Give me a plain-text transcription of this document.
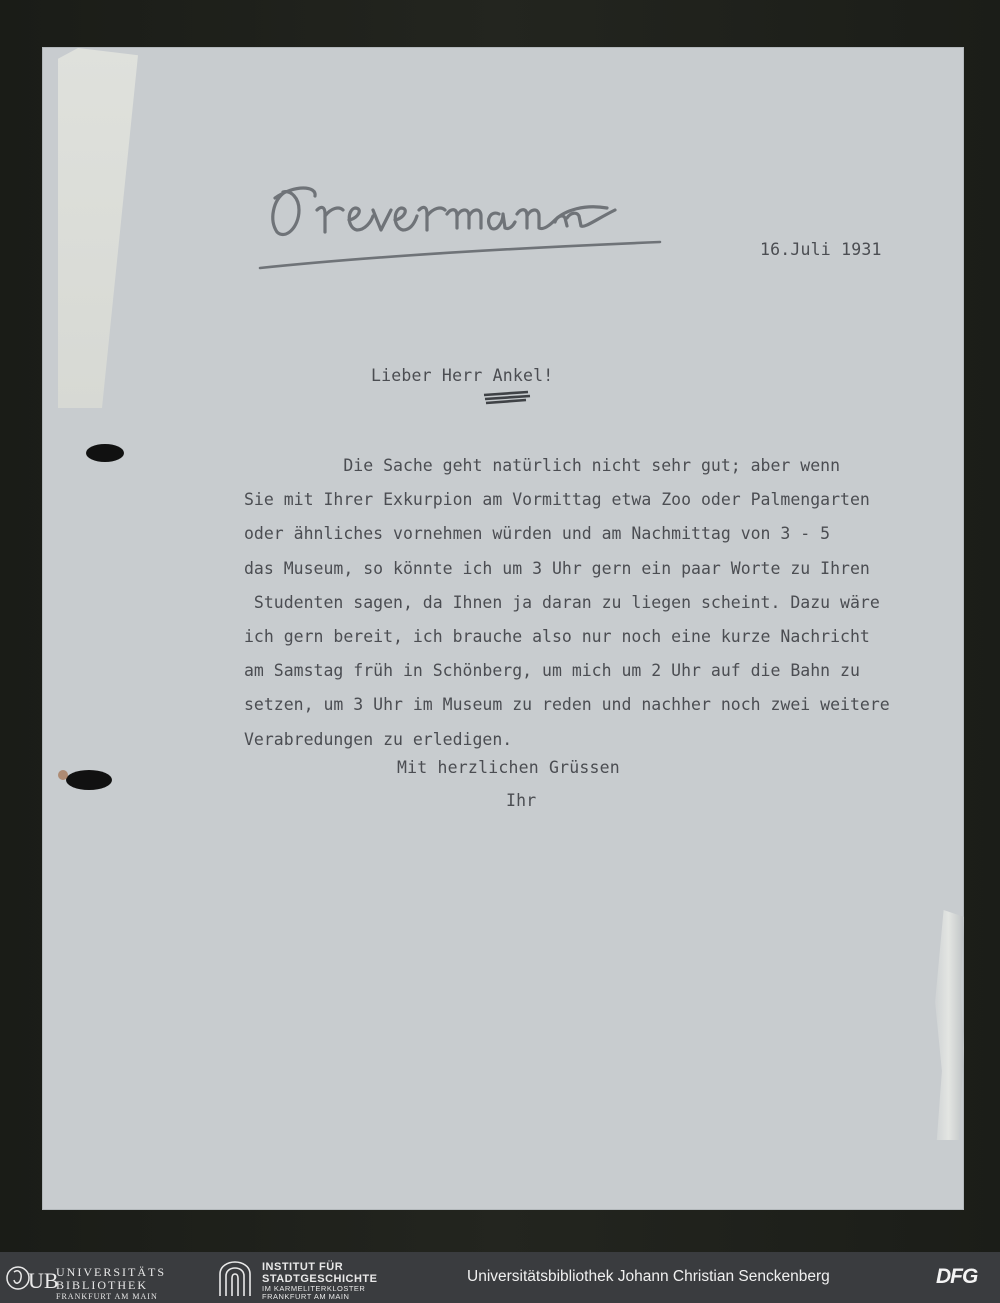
16.Juli 1931
Lieber Herr Ankel!
Die Sache geht natürlich nicht sehr gut; aber wenn
Sie mit Ihrer Exkurpion am Vormittag etwa Zoo oder Palmengarten
oder ähnliches vornehmen würden und am Nachmittag von 3 - 5
das Museum, so könnte ich um 3 Uhr gern ein paar Worte zu Ihren
Studenten sagen, da Ihnen ja daran zu liegen scheint. Dazu wäre
ich gern bereit, ich brauche also nur noch eine kurze Nachricht
am Samstag früh in Schönberg, um mich um 2 Uhr auf die Bahn zu
setzen, um 3 Uhr im Museum zu reden und nachher noch zwei weitere
Verabredungen zu erledigen.
Mit herzlichen Grüssen
Ihr
UB
UNIVERSITÄTS
BIBLIOTHEK
FRANKFURT AM MAIN
INSTITUT FÜR
STADTGESCHICHTE
IM KARMELITERKLOSTER
FRANKFURT AM MAIN
Universitätsbibliothek Johann Christian Senckenberg	DFG
